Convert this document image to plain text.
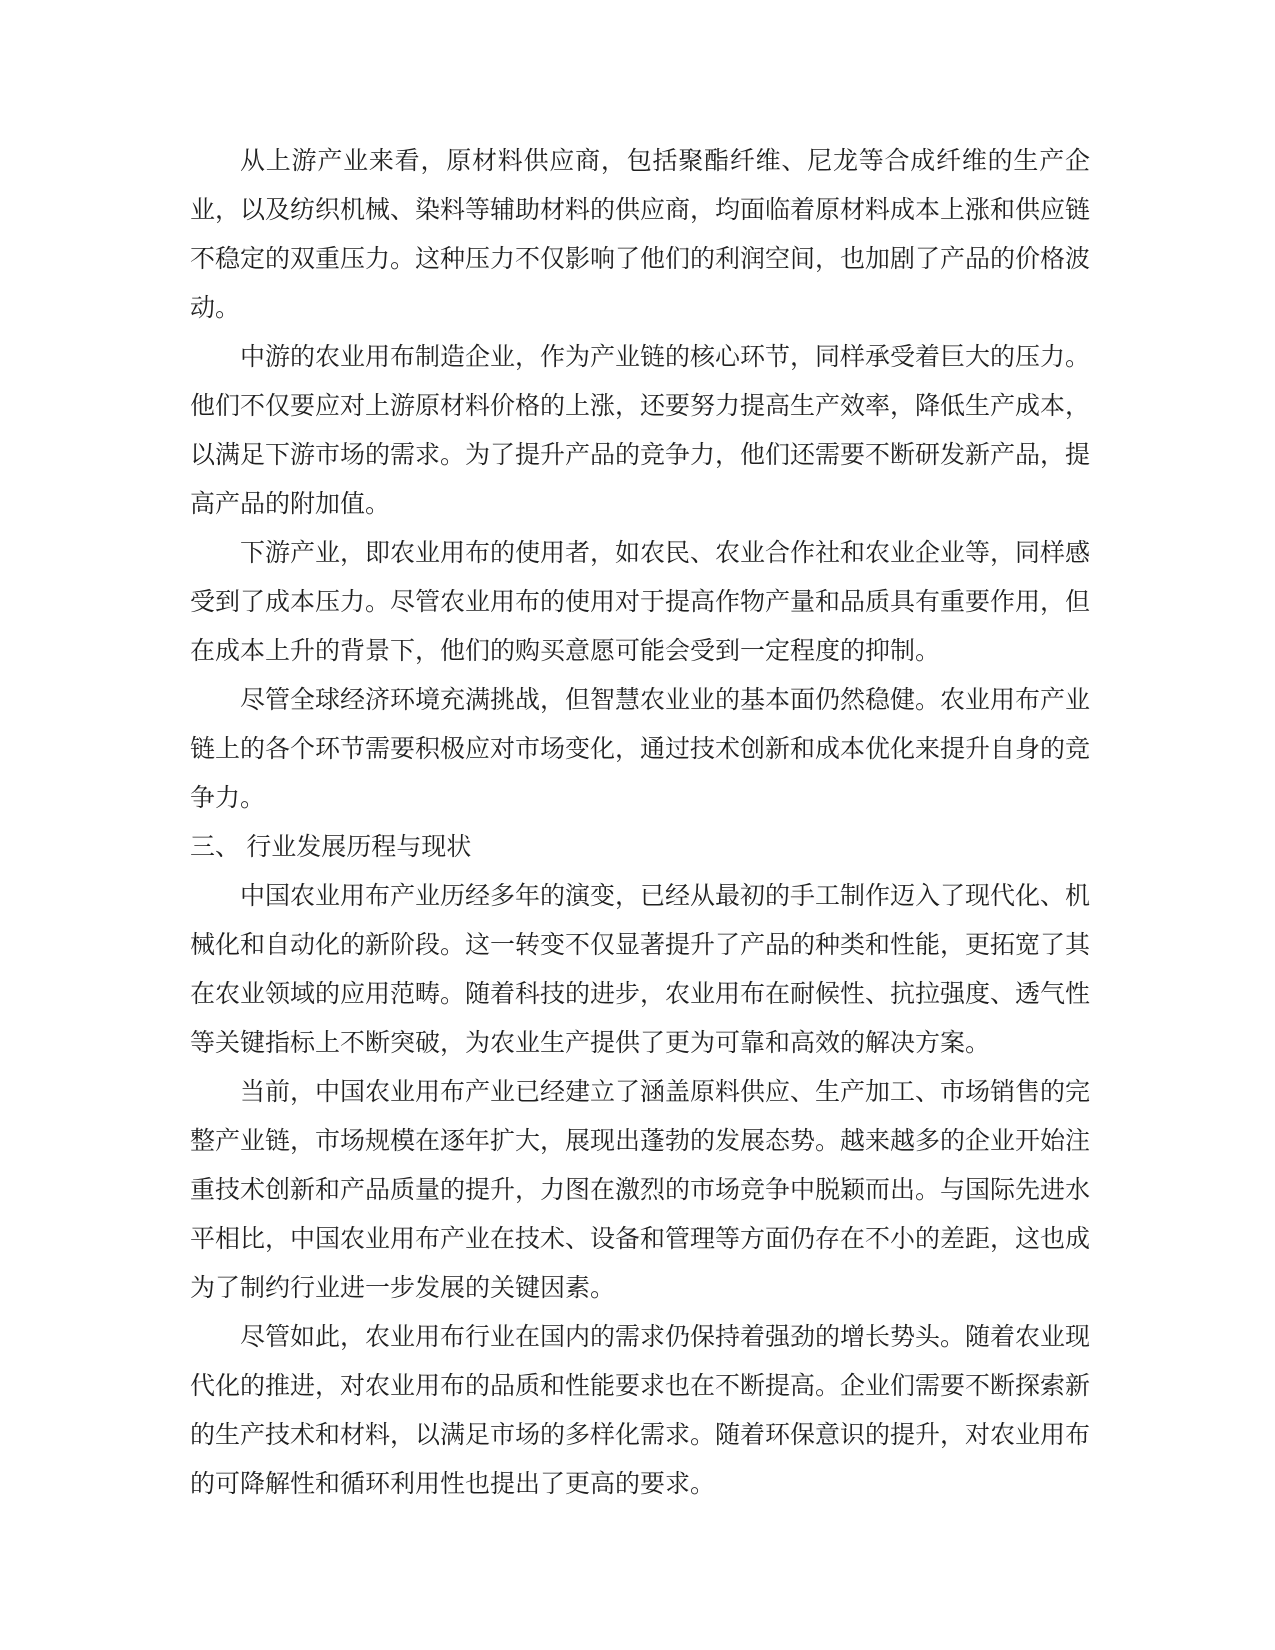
从上游产业来看，原材料供应商，包括聚酯纤维、尼龙等合成纤维的生产企业，以及纺织机械、染料等辅助材料的供应商，均面临着原材料成本上涨和供应链不稳定的双重压力。这种压力不仅影响了他们的利润空间，也加剧了产品的价格波动。
中游的农业用布制造企业，作为产业链的核心环节，同样承受着巨大的压力。他们不仅要应对上游原材料价格的上涨，还要努力提高生产效率，降低生产成本，以满足下游市场的需求。为了提升产品的竞争力，他们还需要不断研发新产品，提高产品的附加值。
下游产业，即农业用布的使用者，如农民、农业合作社和农业企业等，同样感受到了成本压力。尽管农业用布的使用对于提高作物产量和品质具有重要作用，但在成本上升的背景下，他们的购买意愿可能会受到一定程度的抑制。
尽管全球经济环境充满挑战，但智慧农业业的基本面仍然稳健。农业用布产业链上的各个环节需要积极应对市场变化，通过技术创新和成本优化来提升自身的竞争力。
三、 行业发展历程与现状
中国农业用布产业历经多年的演变，已经从最初的手工制作迈入了现代化、机械化和自动化的新阶段。这一转变不仅显著提升了产品的种类和性能，更拓宽了其在农业领域的应用范畴。随着科技的进步，农业用布在耐候性、抗拉强度、透气性等关键指标上不断突破，为农业生产提供了更为可靠和高效的解决方案。
当前，中国农业用布产业已经建立了涵盖原料供应、生产加工、市场销售的完整产业链，市场规模在逐年扩大，展现出蓬勃的发展态势。越来越多的企业开始注重技术创新和产品质量的提升，力图在激烈的市场竞争中脱颖而出。与国际先进水平相比，中国农业用布产业在技术、设备和管理等方面仍存在不小的差距，这也成为了制约行业进一步发展的关键因素。
尽管如此，农业用布行业在国内的需求仍保持着强劲的增长势头。随着农业现代化的推进，对农业用布的品质和性能要求也在不断提高。企业们需要不断探索新的生产技术和材料，以满足市场的多样化需求。随着环保意识的提升，对农业用布的可降解性和循环利用性也提出了更高的要求。
